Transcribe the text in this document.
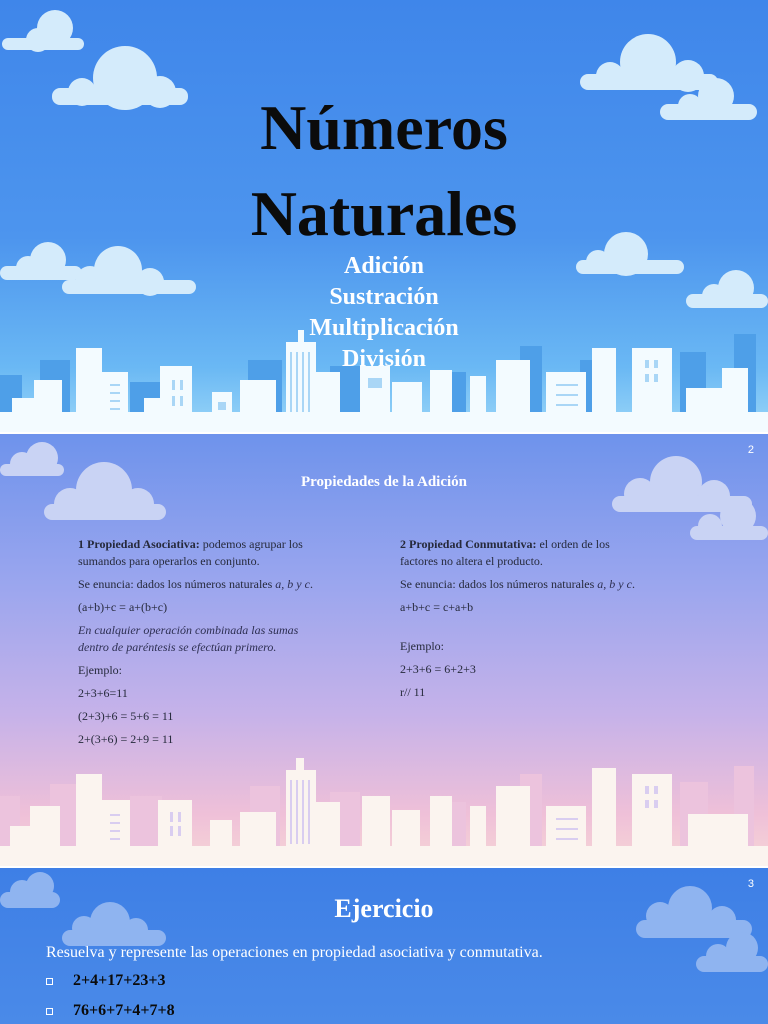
Números
Naturales
Adición
Sustración
Multiplicación
División
2
Propiedades de la Adición
1 Propiedad Asociativa: podemos agrupar los
sumandos para operarlos en conjunto.
Se enuncia: dados los números naturales a, b y c.
(a+b)+c = a+(b+c)
En cualquier operación combinada las sumas
dentro de paréntesis se efectúan primero.
Ejemplo:
2+3+6=11
(2+3)+6 = 5+6 = 11
2+(3+6) = 2+9 = 11
2 Propiedad Conmutativa: el orden de los
factores no altera el producto.
Se enuncia: dados los números naturales a, b y c.
a+b+c = c+a+b
Ejemplo:
2+3+6 = 6+2+3
r// 11
3
Ejercicio
Resuelva y represente las operaciones en propiedad asociativa y conmutativa.
2+4+17+23+3
76+6+7+4+7+8
